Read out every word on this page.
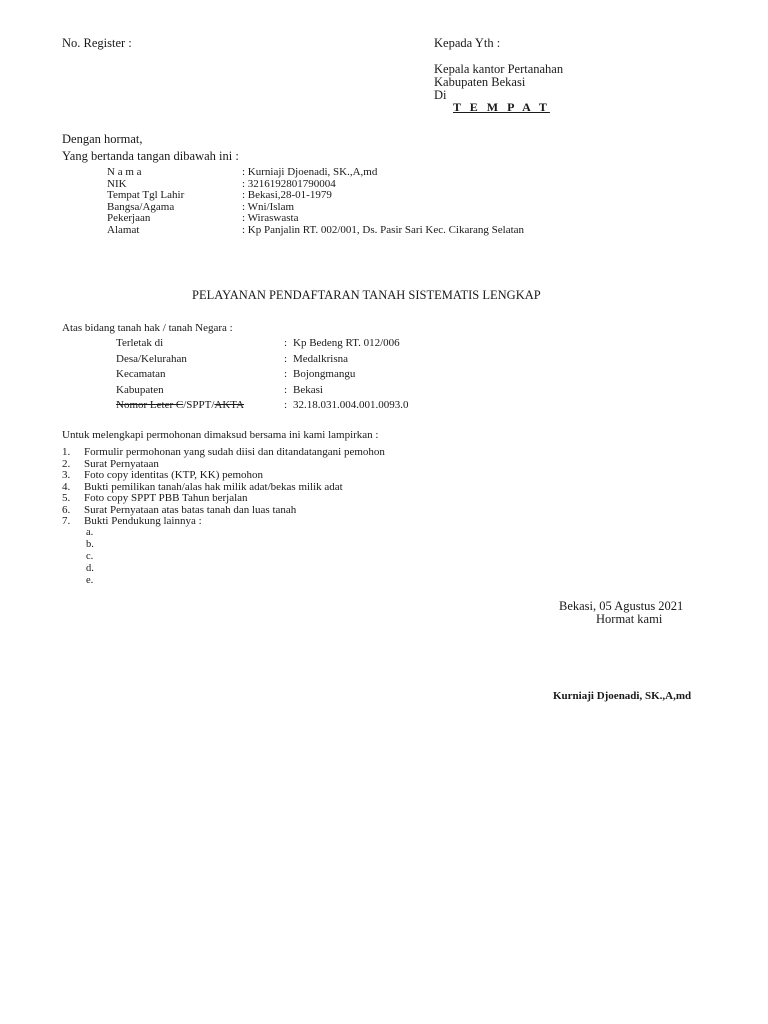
No. Register :	Kepada Yth :
Kepala kantor Pertanahan
Kabupaten Bekasi
Di
T E M P A T
Dengan hormat,
Yang bertanda tangan dibawah ini :
N a m a	: Kurniaji Djoenadi, SK.,A,md
NIK	: 3216192801790004
Tempat Tgl Lahir	: Bekasi,28-01-1979
Bangsa/Agama	: Wni/Islam
Pekerjaan	: Wiraswasta
Alamat	: Kp Panjalin RT. 002/001, Ds. Pasir Sari Kec. Cikarang Selatan
PELAYANAN PENDAFTARAN TANAH SISTEMATIS LENGKAP
Atas bidang tanah hak / tanah Negara :
Terletak di	: Kp Bedeng RT. 012/006
Desa/Kelurahan	: Medalkrisna
Kecamatan	: Bojongmangu
Kabupaten	: Bekasi
Nomor Leter C/SPPT/AKTA	: 32.18.031.004.001.0093.0
Untuk melengkapi permohonan dimaksud bersama ini kami lampirkan :
1. Formulir permohonan yang sudah diisi dan ditandatangani pemohon
2. Surat Pernyataan
3. Foto copy identitas (KTP, KK) pemohon
4. Bukti pemilikan tanah/alas hak milik adat/bekas milik adat
5. Foto copy SPPT PBB Tahun berjalan
6. Surat Pernyataan atas batas tanah dan luas tanah
7. Bukti Pendukung lainnya :
a.
b.
c.
d.
e.
Bekasi, 05 Agustus 2021
Hormat kami
Kurniaji Djoenadi, SK.,A,md
